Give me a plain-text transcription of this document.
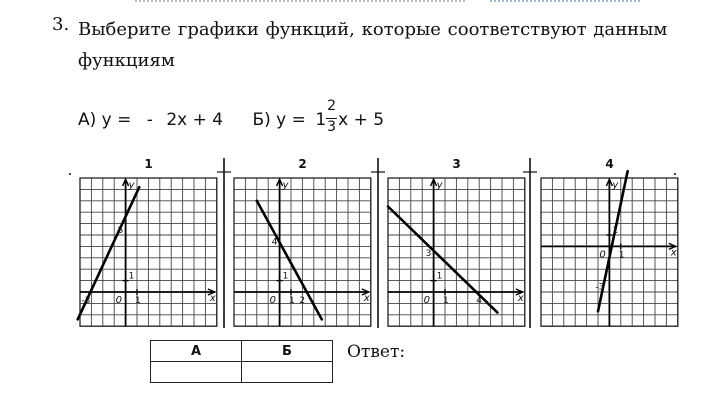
3. Выберите графики функций, которые соответствуют данным функциям
А) у = - 2х + 4 Б) $у = 1 \frac{2}{3}$ х + 5
1
y
x
0
1
1
5
-3
2
y
x
0
1
1
4
2
3
y
x
0
1
1
3
4
4
y
x
0
1
1
-3
А	Б
		Ответ:
